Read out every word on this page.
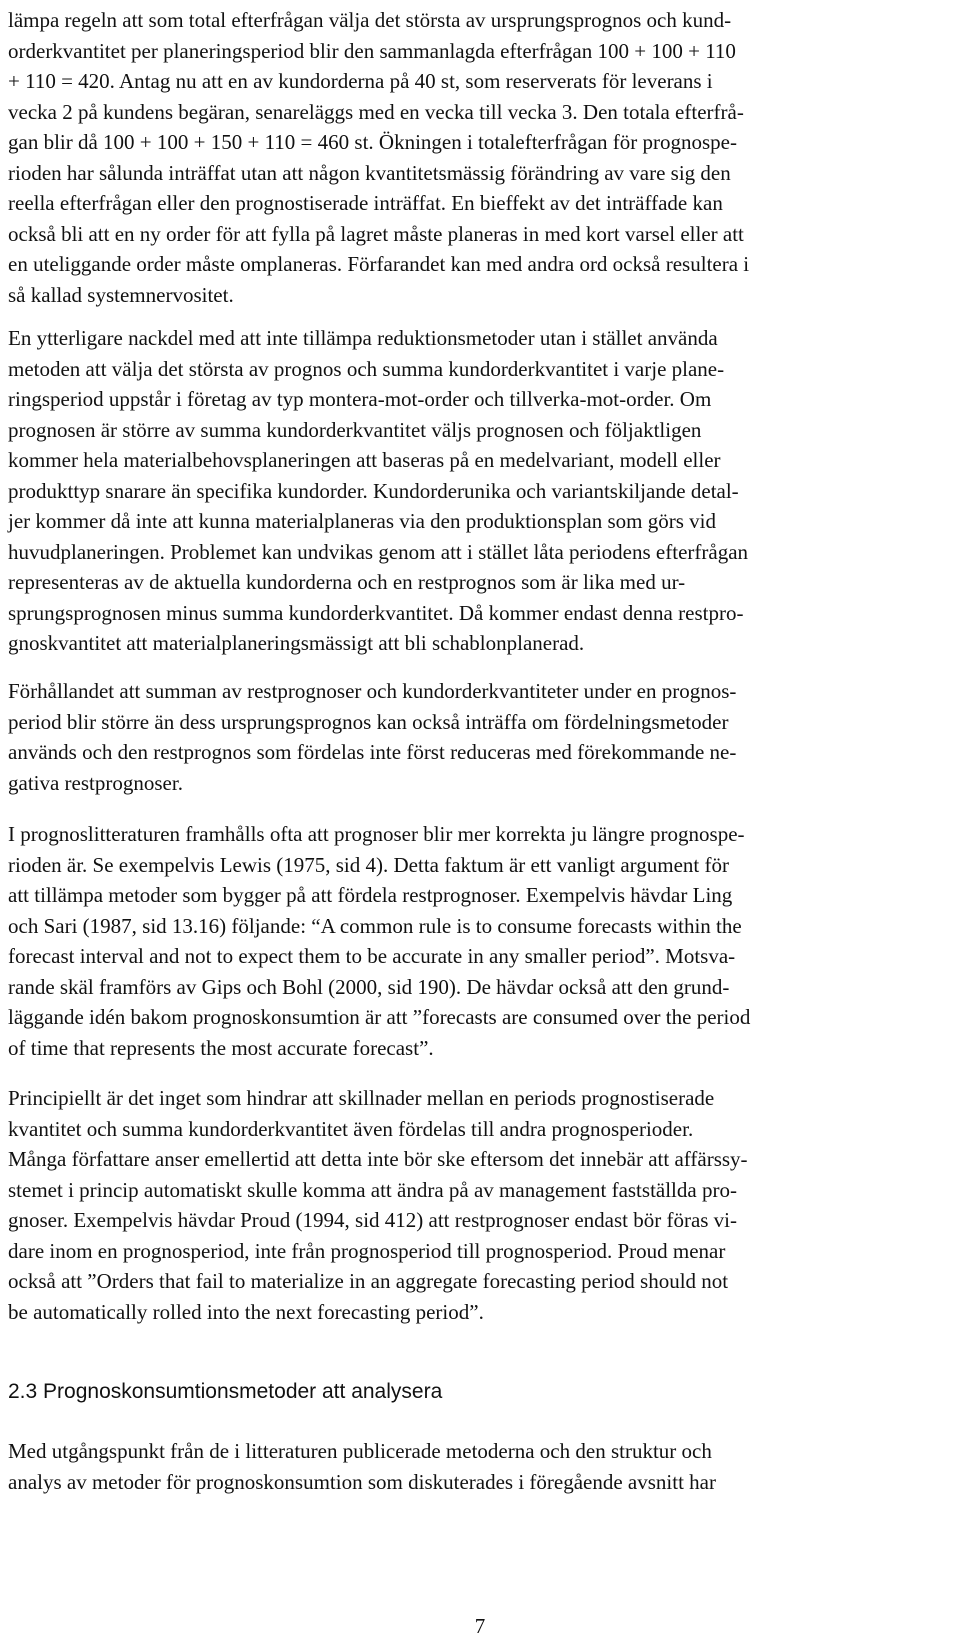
lämpa regeln att som total efterfrågan välja det största av ursprungsprognos och kund-
orderkvantitet per planeringsperiod blir den sammanlagda efterfrågan 100 + 100 + 110
+ 110 = 420. Antag nu att en av kundorderna på 40 st, som reserverats för leverans i
vecka 2 på kundens begäran, senareläggs med en vecka till vecka 3. Den totala efterfrå-
gan blir då 100 + 100 + 150 + 110 = 460 st. Ökningen i totalefterfrågan för prognospe-
rioden har sålunda inträffat utan att någon kvantitetsmässig förändring av vare sig den
reella efterfrågan eller den prognostiserade inträffat. En bieffekt av det inträffade kan
också bli att en ny order för att fylla på lagret måste planeras in med kort varsel eller att
en uteliggande order måste omplaneras. Förfarandet kan med andra ord också resultera i
så kallad systemnervositet.

En ytterligare nackdel med att inte tillämpa reduktionsmetoder utan i stället använda
metoden att välja det största av prognos och summa kundorderkvantitet i varje plane-
ringsperiod uppstår i företag av typ montera-mot-order och tillverka-mot-order. Om
prognosen är större av summa kundorderkvantitet väljs prognosen och följaktligen
kommer hela materialbehovsplaneringen att baseras på en medelvariant, modell eller
produkttyp snarare än specifika kundorder. Kundorderunika och variantskiljande detal-
jer kommer då inte att kunna materialplaneras via den produktionsplan som görs vid
huvudplaneringen. Problemet kan undvikas genom att i stället låta periodens efterfrågan
representeras av de aktuella kundorderna och en restprognos som är lika med ur-
sprungsprognosen minus summa kundorderkvantitet. Då kommer endast denna restpro-
gnoskvantitet att materialplaneringsmässigt att bli schablonplanerad.

Förhållandet att summan av restprognoser och kundorderkvantiteter under en prognos-
period blir större än dess ursprungsprognos kan också inträffa om fördelningsmetoder
används och den restprognos som fördelas inte först reduceras med förekommande ne-
gativa restprognoser.

I prognoslitteraturen framhålls ofta att prognoser blir mer korrekta ju längre prognospe-
rioden är. Se exempelvis Lewis (1975, sid 4). Detta faktum är ett vanligt argument för
att tillämpa metoder som bygger på att fördela restprognoser. Exempelvis hävdar Ling
och Sari (1987, sid 13.16) följande: “A common rule is to consume forecasts within the
forecast interval and not to expect them to be accurate in any smaller period”. Motsva-
rande skäl framförs av Gips och Bohl (2000, sid 190). De hävdar också att den grund-
läggande idén bakom prognoskonsumtion är att ”forecasts are consumed over the period
of time that represents the most accurate forecast”.

Principiellt är det inget som hindrar att skillnader mellan en periods prognostiserade
kvantitet och summa kundorderkvantitet även fördelas till andra prognosperioder.
Många författare anser emellertid att detta inte bör ske eftersom det innebär att affärssy-
stemet i princip automatiskt skulle komma att ändra på av management fastställda pro-
gnoser. Exempelvis hävdar Proud (1994, sid 412) att restprognoser endast bör föras vi-
dare inom en prognosperiod, inte från prognosperiod till prognosperiod. Proud menar
också att ”Orders that fail to materialize in an aggregate forecasting period should not
be automatically rolled into the next forecasting period”.

2.3 Prognoskonsumtionsmetoder att analysera

Med utgångspunkt från de i litteraturen publicerade metoderna och den struktur och
analys av metoder för prognoskonsumtion som diskuterades i föregående avsnitt har

7
